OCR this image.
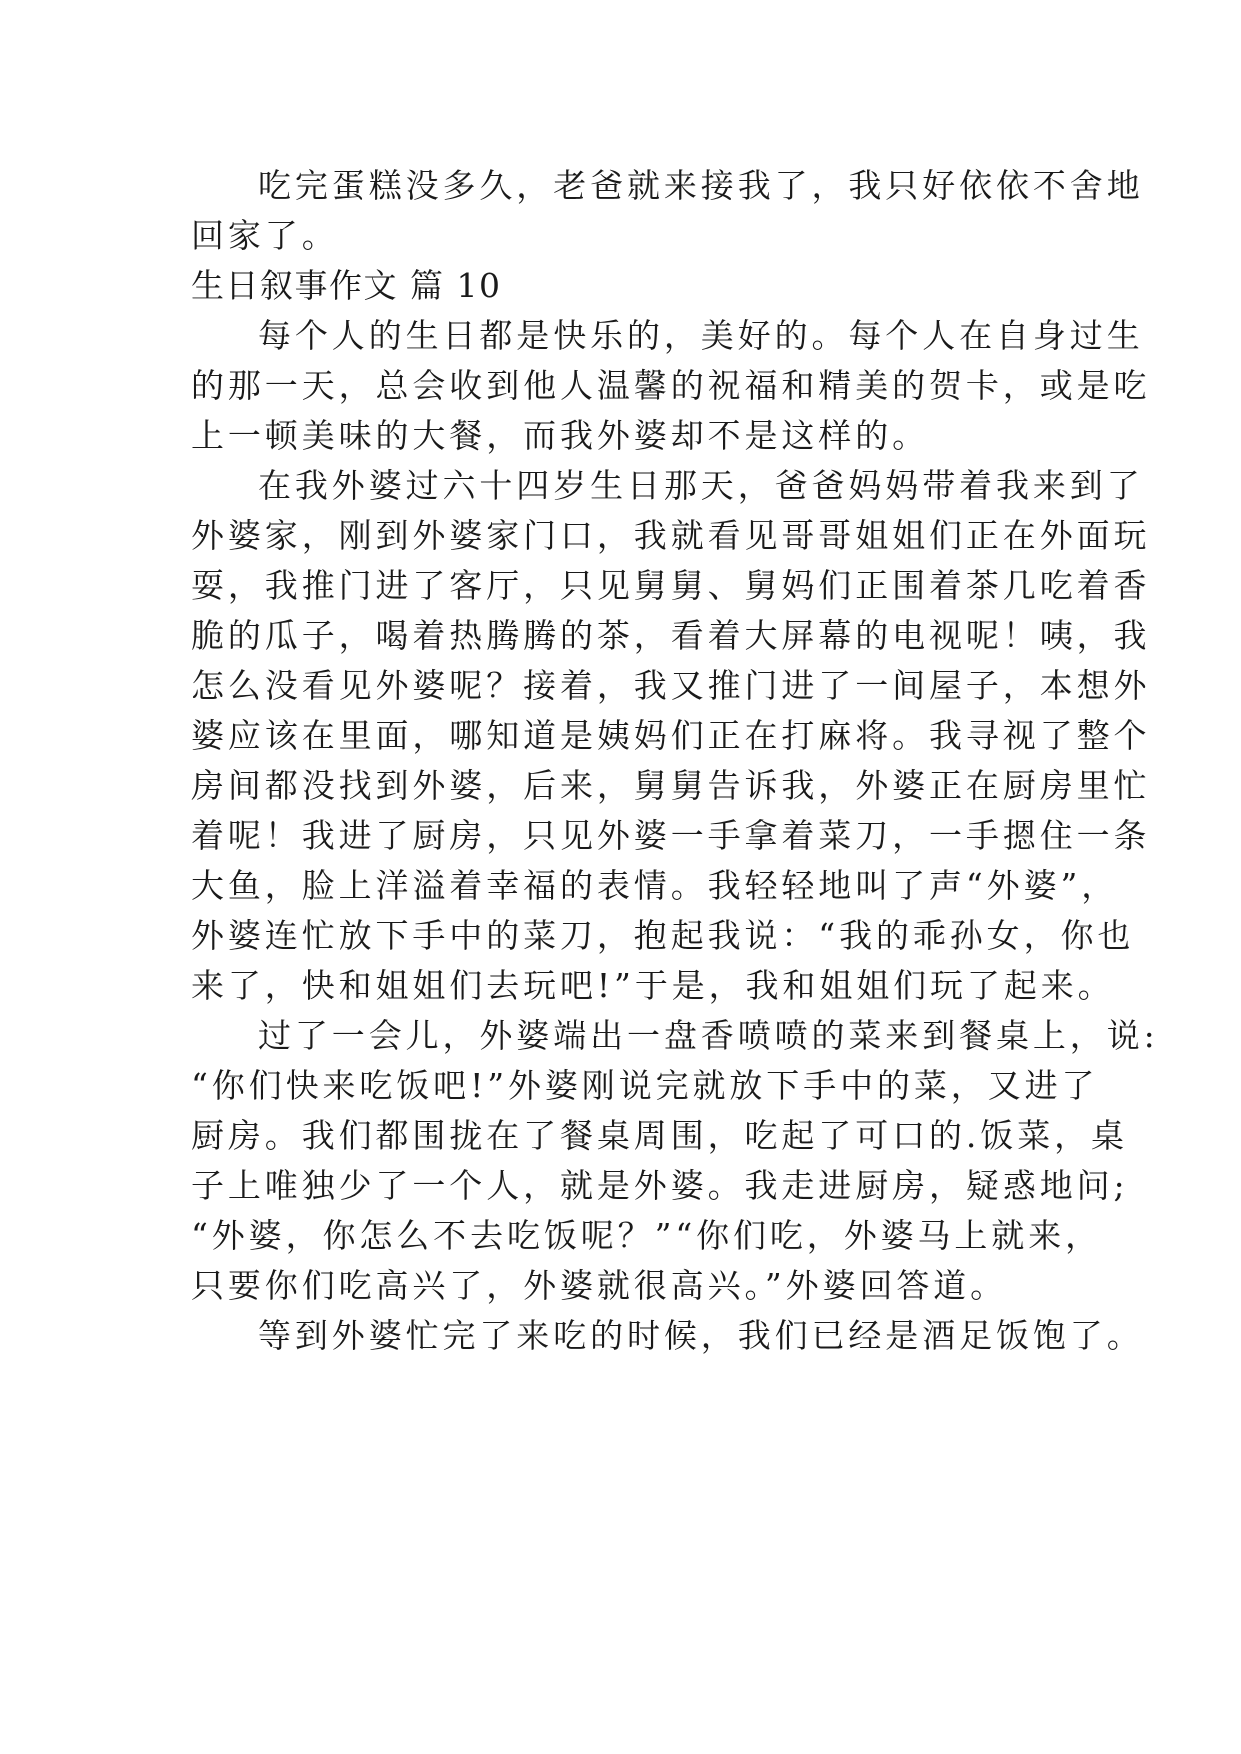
吃完蛋糕没多久，老爸就来接我了，我只好依依不舍地
回家了。
生日叙事作文 篇 10
每个人的生日都是快乐的，美好的。每个人在自身过生
的那一天，总会收到他人温馨的祝福和精美的贺卡，或是吃
上一顿美味的大餐，而我外婆却不是这样的。
在我外婆过六十四岁生日那天，爸爸妈妈带着我来到了
外婆家，刚到外婆家门口，我就看见哥哥姐姐们正在外面玩
耍，我推门进了客厅，只见舅舅、舅妈们正围着茶几吃着香
脆的瓜子，喝着热腾腾的茶，看着大屏幕的电视呢！咦，我
怎么没看见外婆呢？接着，我又推门进了一间屋子，本想外
婆应该在里面，哪知道是姨妈们正在打麻将。我寻视了整个
房间都没找到外婆，后来，舅舅告诉我，外婆正在厨房里忙
着呢！我进了厨房，只见外婆一手拿着菜刀，一手摁住一条
大鱼，脸上洋溢着幸福的表情。我轻轻地叫了声“外婆”，
外婆连忙放下手中的菜刀，抱起我说：“我的乖孙女，你也
来了，快和姐姐们去玩吧!”于是，我和姐姐们玩了起来。
过了一会儿，外婆端出一盘香喷喷的菜来到餐桌上，说:
“你们快来吃饭吧!”外婆刚说完就放下手中的菜，又进了
厨房。我们都围拢在了餐桌周围，吃起了可口的.饭菜，桌
子上唯独少了一个人，就是外婆。我走进厨房，疑惑地问;
“外婆，你怎么不去吃饭呢？”“你们吃，外婆马上就来，
只要你们吃高兴了，外婆就很高兴。”外婆回答道。
等到外婆忙完了来吃的时候，我们已经是酒足饭饱了。
